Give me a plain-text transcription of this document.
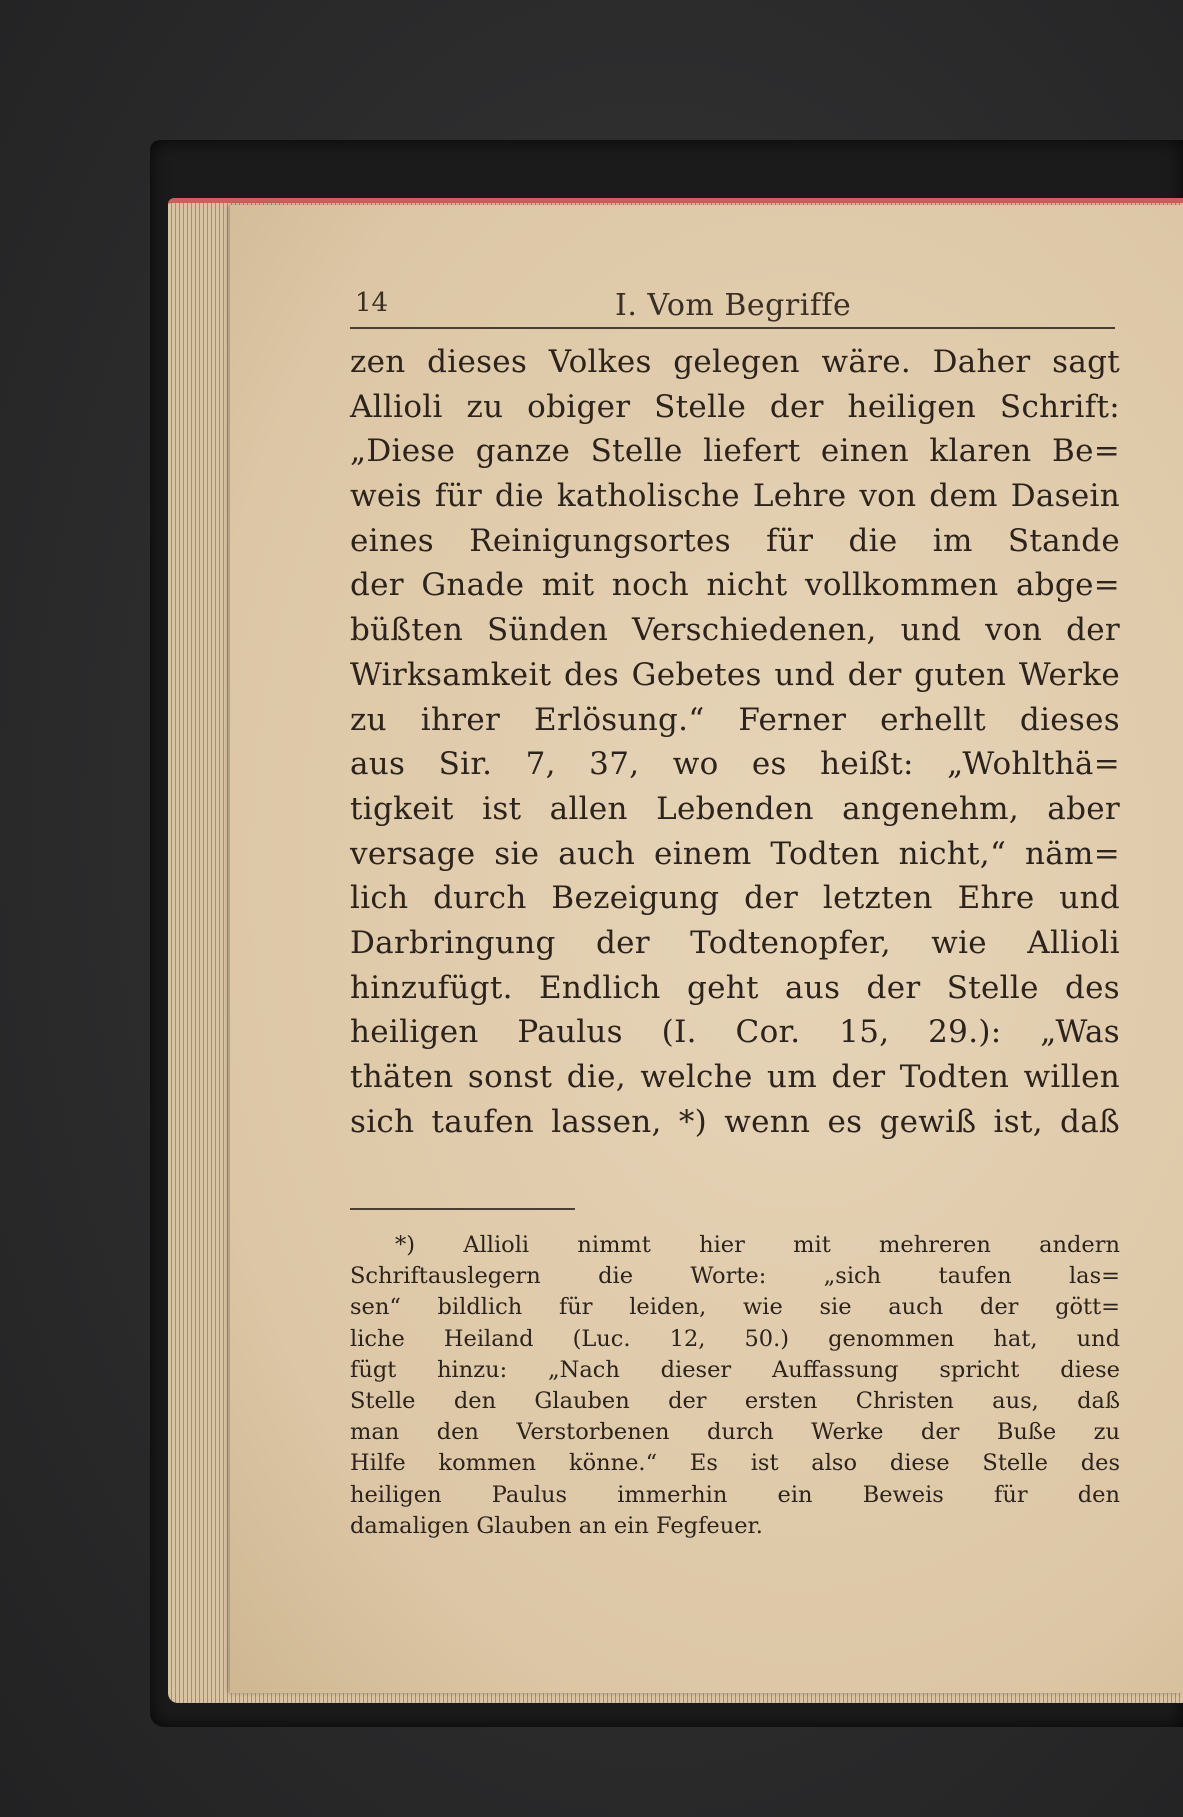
14	I. Vom Begriffe
zen dieses Volkes gelegen wäre. Daher sagt
Allioli zu obiger Stelle der heiligen Schrift:
„Diese ganze Stelle liefert einen klaren Be=
weis für die katholische Lehre von dem Dasein
eines Reinigungsortes für die im Stande
der Gnade mit noch nicht vollkommen abge=
büßten Sünden Verschiedenen, und von der
Wirksamkeit des Gebetes und der guten Werke
zu ihrer Erlösung.“ Ferner erhellt dieses
aus Sir. 7, 37, wo es heißt: „Wohlthä=
tigkeit ist allen Lebenden angenehm, aber
versage sie auch einem Todten nicht,“ näm=
lich durch Bezeigung der letzten Ehre und
Darbringung der Todtenopfer, wie Allioli
hinzufügt. Endlich geht aus der Stelle des
heiligen Paulus (I. Cor. 15, 29.): „Was
thäten sonst die, welche um der Todten willen
sich taufen lassen, *) wenn es gewiß ist, daß
*) Allioli nimmt hier mit mehreren andern
Schriftauslegern die Worte: „sich taufen las=
sen“ bildlich für leiden, wie sie auch der gött=
liche Heiland (Luc. 12, 50.) genommen hat, und
fügt hinzu: „Nach dieser Auffassung spricht diese
Stelle den Glauben der ersten Christen aus, daß
man den Verstorbenen durch Werke der Buße zu
Hilfe kommen könne.“ Es ist also diese Stelle des
heiligen Paulus immerhin ein Beweis für den
damaligen Glauben an ein Fegfeuer.
